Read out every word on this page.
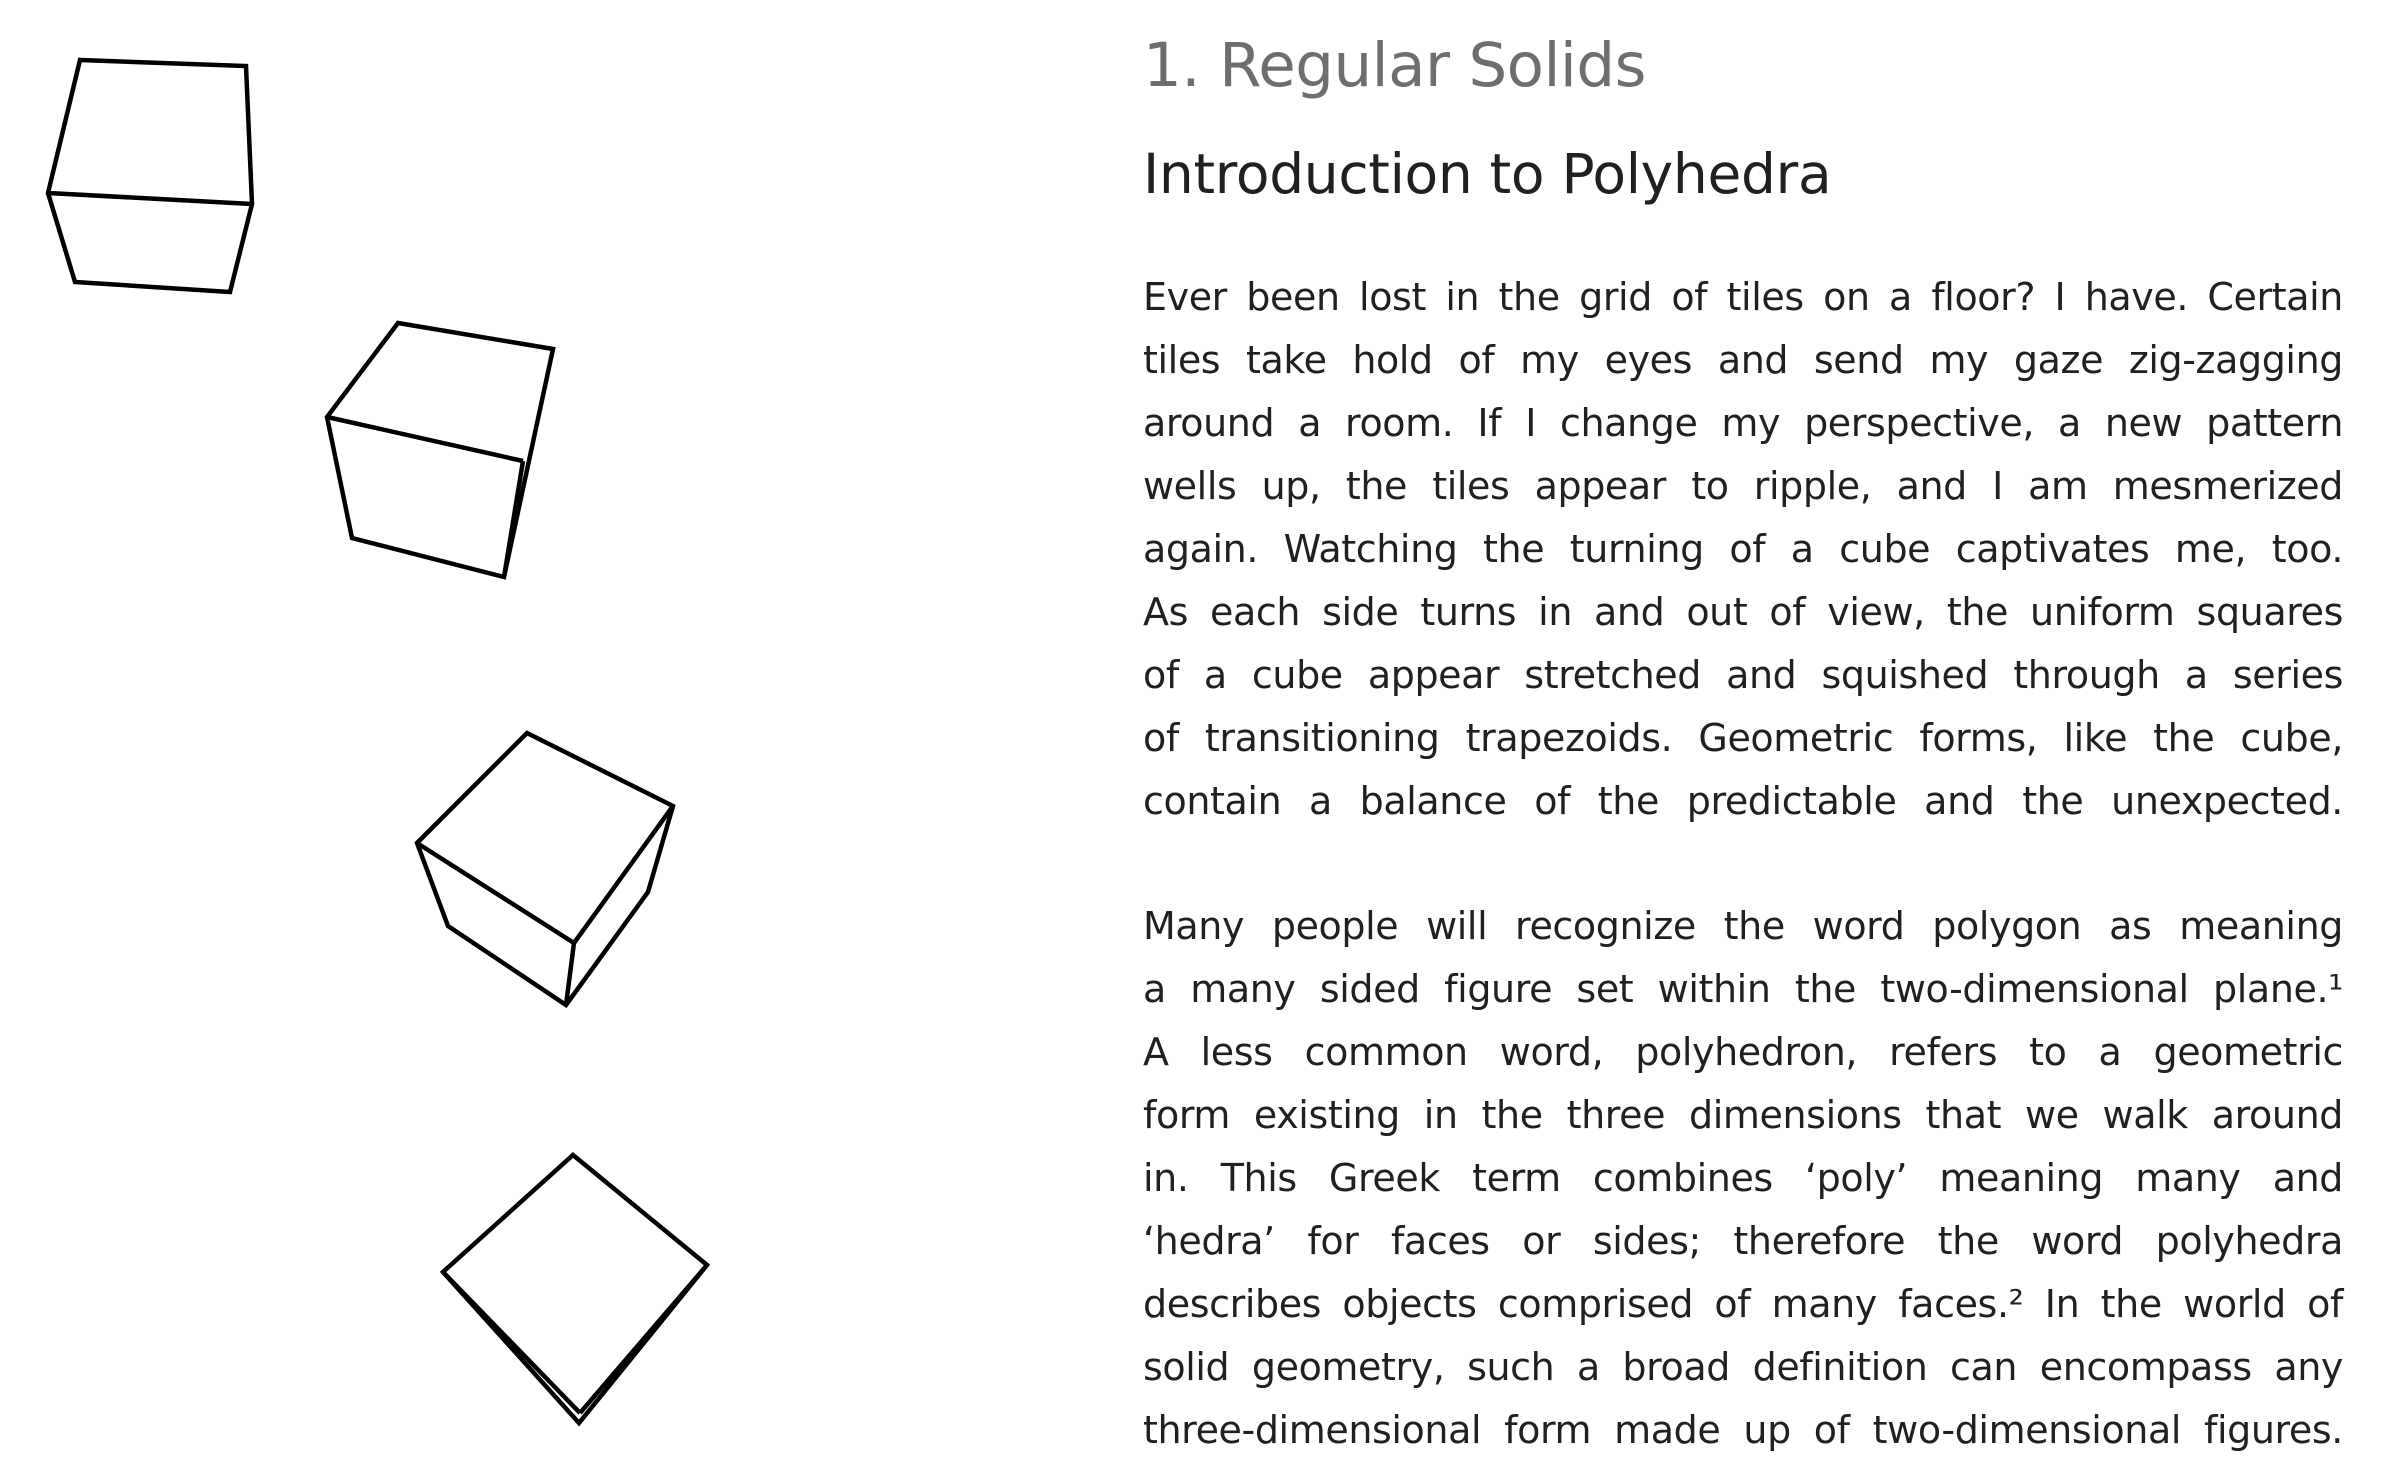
1. Regular Solids
Introduction to Polyhedra

Ever been lost in the grid of tiles on a floor? I have. Certain
tiles take hold of my eyes and send my gaze zig-zagging
around a room. If I change my perspective, a new pattern
wells up, the tiles appear to ripple, and I am mesmerized
again. Watching the turning of a cube captivates me, too.
As each side turns in and out of view, the uniform squares
of a cube appear stretched and squished through a series
of transitioning trapezoids. Geometric forms, like the cube,
contain a balance of the predictable and the unexpected.

Many people will recognize the word polygon as meaning
a many sided figure set within the two-dimensional plane.¹
A less common word, polyhedron, refers to a geometric
form existing in the three dimensions that we walk around
in. This Greek term combines ‘poly’ meaning many and
‘hedra’ for faces or sides; therefore the word polyhedra
describes objects comprised of many faces.² In the world of
solid geometry, such a broad definition can encompass any
three-dimensional form made up of two-dimensional figures.
